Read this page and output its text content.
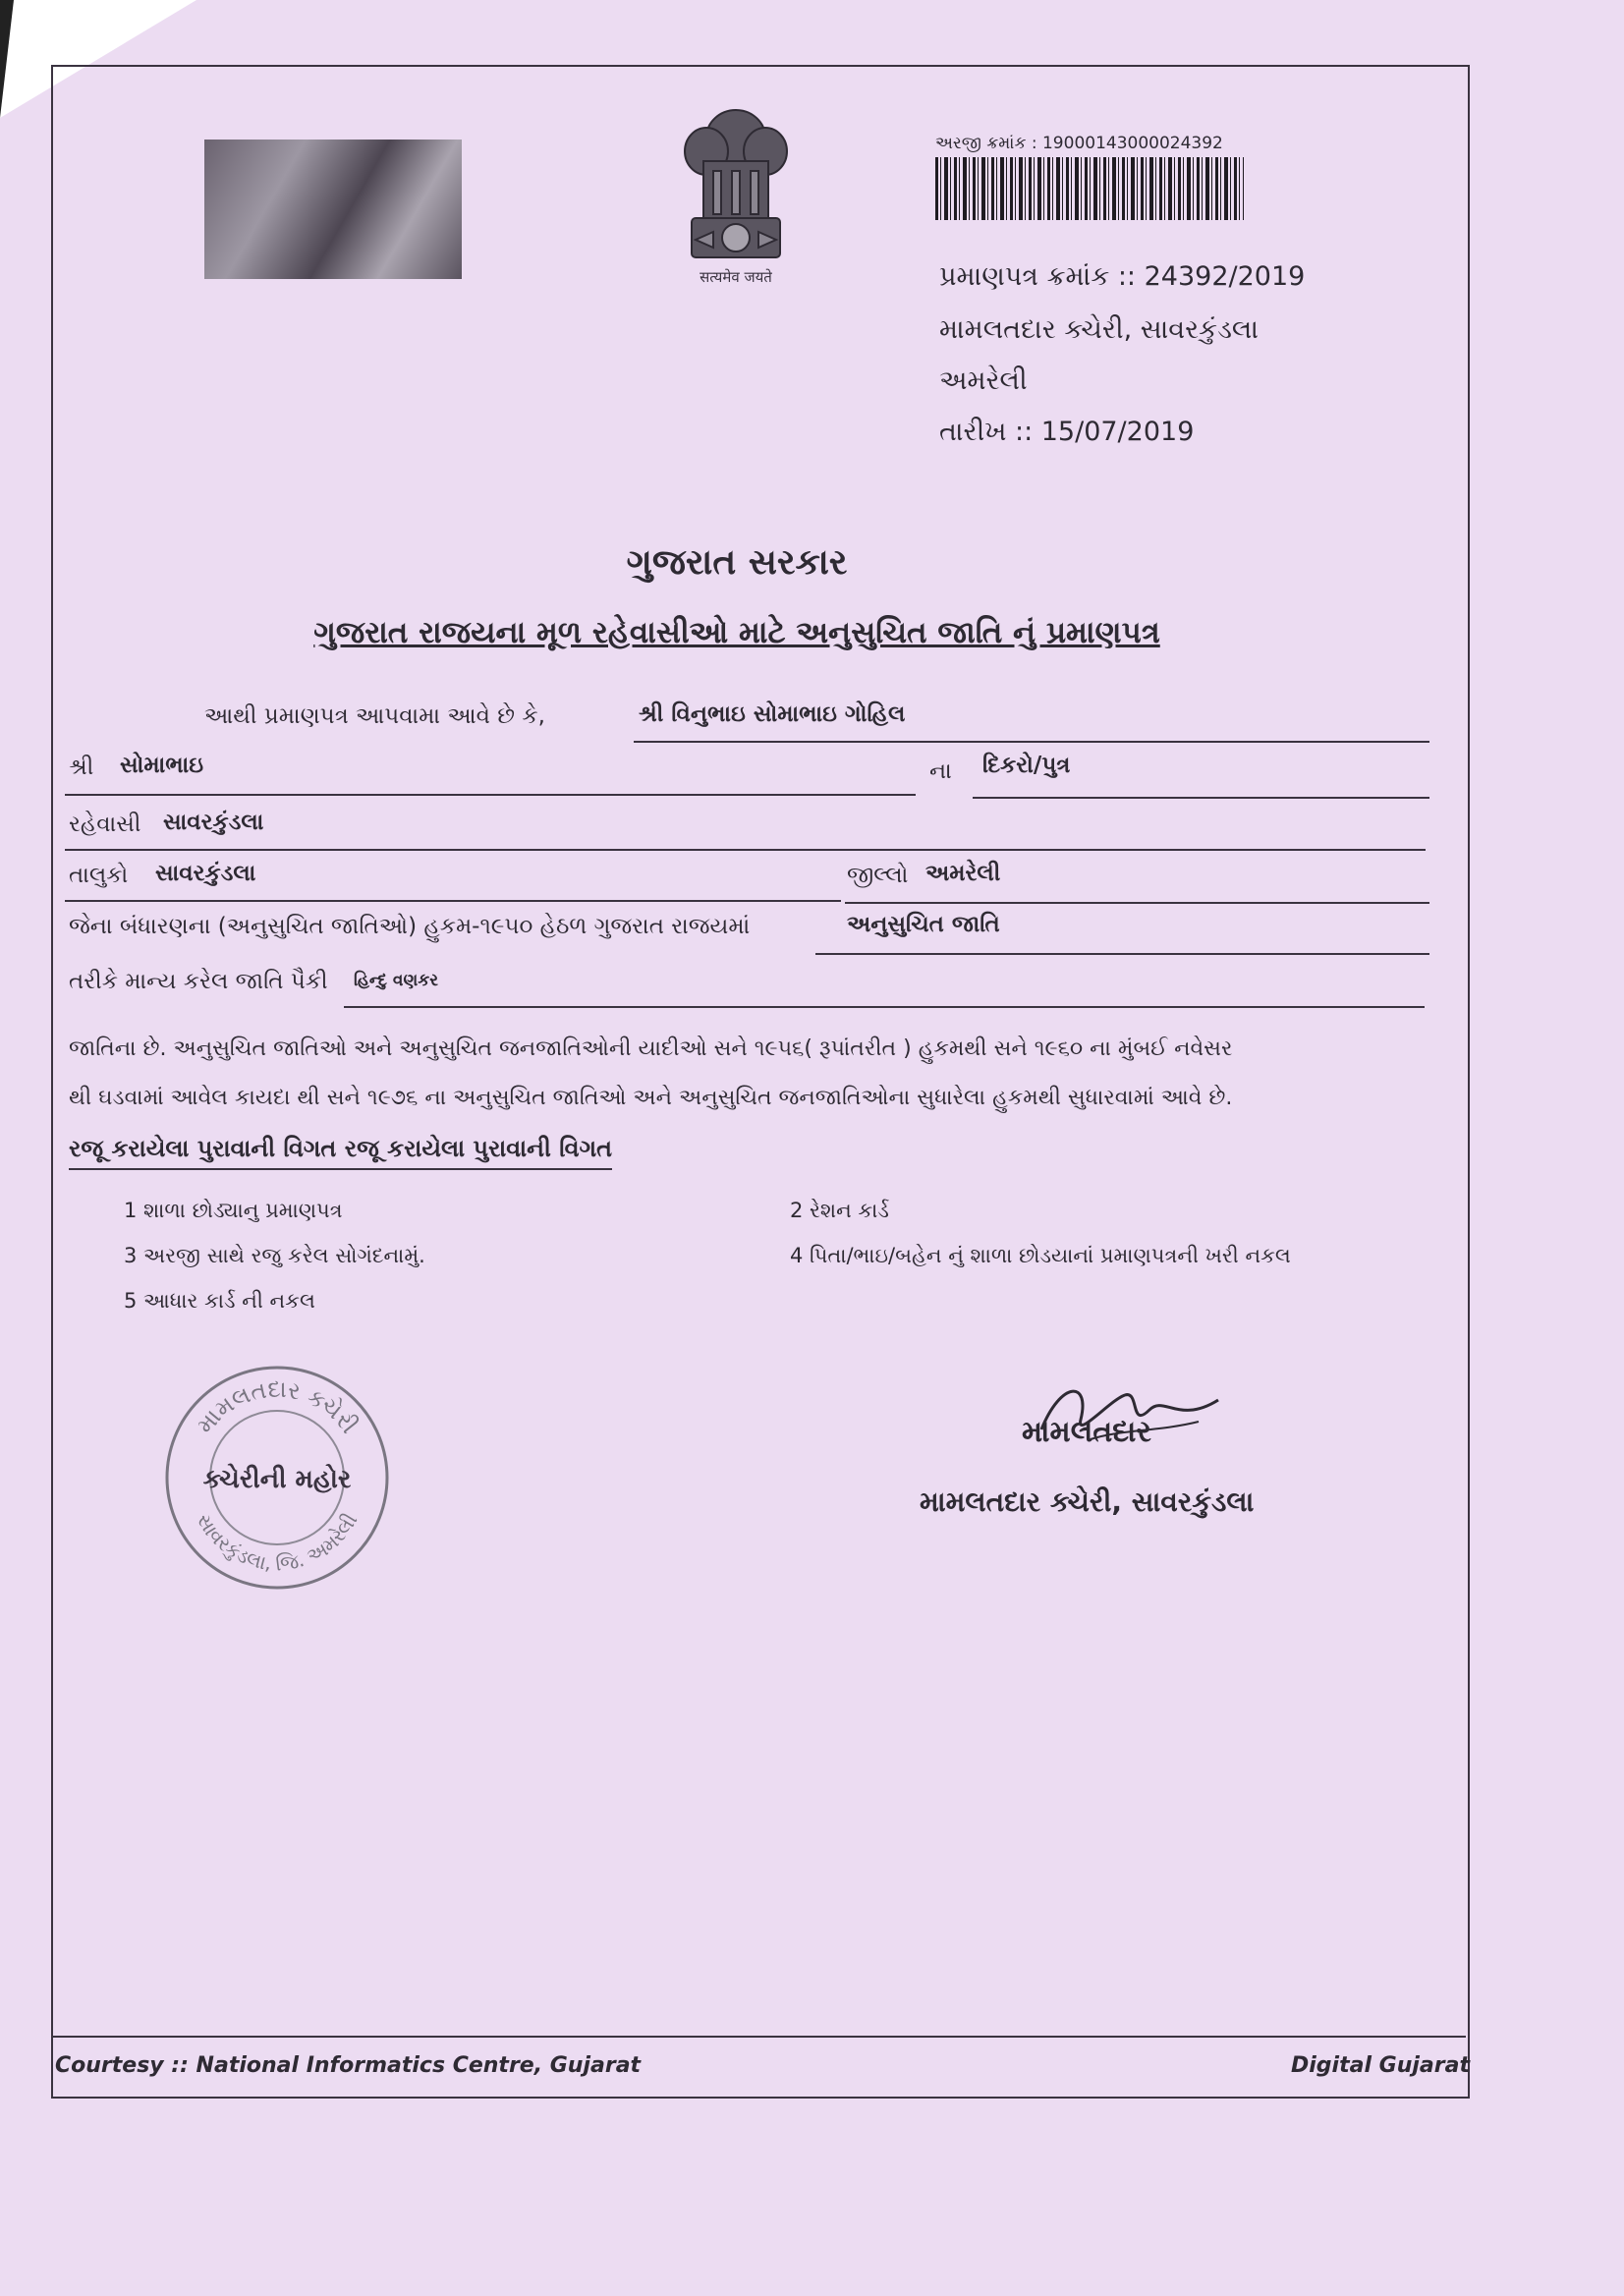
सत्यमेव जयते
અરજી ક્રમાંક : 19000143000024392
પ્રમાણપત્ર ક્રમાંક :: 24392/2019
મામલતદાર ક્ચેરી, સાવરકુંડલા
અમરેલી
તારીખ :: 15/07/2019
ગુજરાત સરકાર
ગુજરાત રાજયના મૂળ રહેવાસીઓ માટે અનુસુચિત જાતિ નું પ્રમાણપત્ર
આથી પ્રમાણપત્ર આપવામા આવે છે કે,	શ્રી વિનુભાઇ સોમાભાઇ ગોહિલ
શ્રી સોમાભાઇ	ના દિકરો/પુત્ર
રહેવાસી સાવરકુંડલા
તાલુકો સાવરકુંડલા	જીલ્લો અમરેલી
જેના બંધારણના (અનુસુચિત જાતિઓ) હુકમ-૧૯૫૦ હેઠળ ગુજરાત રાજયમાં	અનુસુચિત જાતિ
તરીકે માન્ય કરેલ જાતિ પૈકી હિન્દુ વણકર
જાતિના છે. અનુસુચિત જાતિઓ અને અનુસુચિત જનજાતિઓની યાદીઓ સને ૧૯૫૬( રૂપાંતરીત ) હુકમથી સને ૧૯૬૦ ના મુંબઈ નવેસર
થી ઘડવામાં આવેલ કાયદા થી સને ૧૯૭૬ ના અનુસુચિત જાતિઓ અને અનુસુચિત જનજાતિઓના સુધારેલા હુકમથી સુધારવામાં આવે છે.
રજૂ કરાયેલા પુરાવાની વિગત રજૂ કરાયેલા પુરાવાની વિગત
1 શાળા છોડ્યાનુ પ્રમાણપત્ર	2 રેશન કાર્ડ
3 અરજી સાથે રજુ કરેલ સોગંદનામું.	4 પિતા/ભાઇ/બહેન નું શાળા છોડયાનાં પ્રમાણપત્રની ખરી નકલ
5 આધાર કાર્ડ ની નકલ
મામલતદાર ક્ચેરી
સાવરકુંડલા, જિ. અમરેલી
ક્ચેરીની મહોર
મામલતદાર
મામલતદાર ક્ચેરી, સાવરકુંડલા
Courtesy :: National Informatics Centre, Gujarat	Digital Gujarat
